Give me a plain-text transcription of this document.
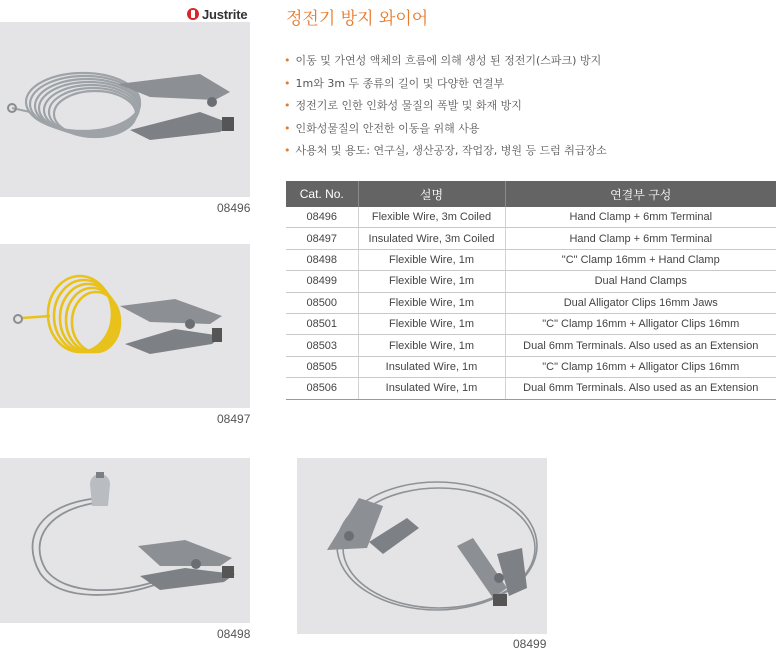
Justrite
08496
08497
08498
08499
정전기 방지 와이어
• 이동 및 가연성 액체의 흐름에 의해 생성 된 정전기(스파크) 방지
• 1m와 3m 두 종류의 길이 및 다양한 연결부
• 정전기로 인한 인화성 물질의 폭발 및 화재 방지
• 인화성물질의 안전한 이동을 위해 사용
• 사용처 및 용도: 연구실, 생산공장, 작업장, 병원 등 드럼 취급장소
Cat. No.	설명	연결부 구성
08496	Flexible Wire, 3m Coiled	Hand Clamp + 6mm Terminal
08497	Insulated Wire, 3m Coiled	Hand Clamp + 6mm Terminal
08498	Flexible Wire, 1m	"C" Clamp 16mm + Hand Clamp
08499	Flexible Wire, 1m	Dual Hand Clamps
08500	Flexible Wire, 1m	Dual Alligator Clips 16mm Jaws
08501	Flexible Wire, 1m	"C" Clamp 16mm + Alligator Clips 16mm
08503	Flexible Wire, 1m	Dual 6mm Terminals. Also used as an Extension
08505	Insulated Wire, 1m	"C" Clamp 16mm + Alligator Clips 16mm
08506	Insulated Wire, 1m	Dual 6mm Terminals. Also used as an Extension
